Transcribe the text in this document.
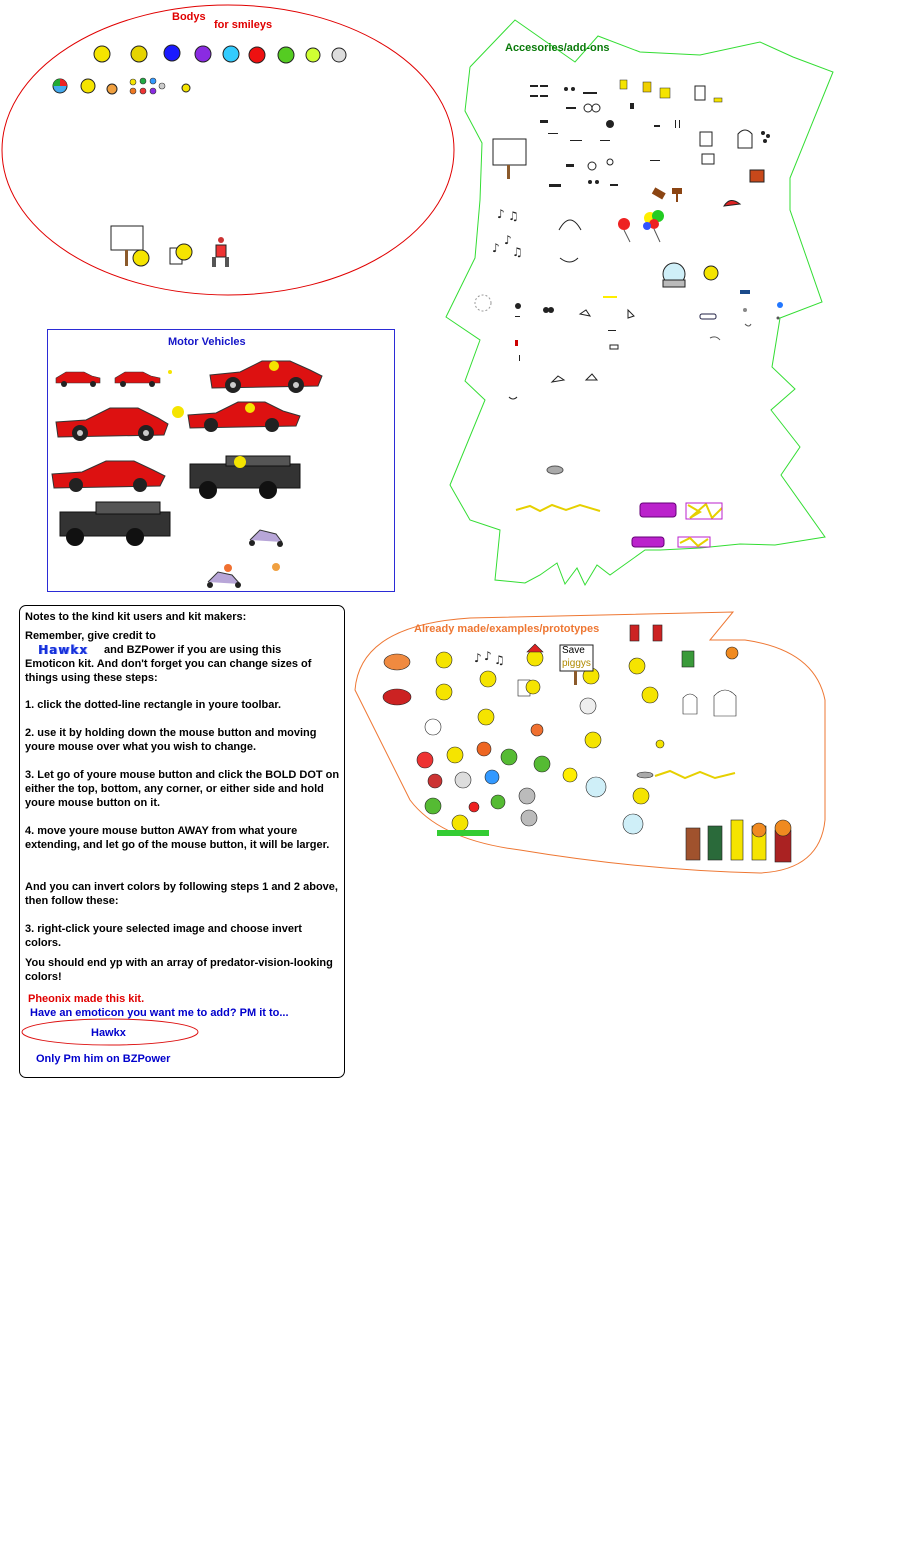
♪ ♫
♪
♪
♫
♪ ♪ ♫
Bodys
for smileys
Accesories/add-ons
Motor Vehicles
Already made/examples/prototypes
Save
piggys

Notes to the kind kit users and kit makers:

Remember, give credit to

Hawkx and BZPower if you are using this

Emoticon kit. And don't forget you can change sizes of things using these steps:

1. click the dotted-line rectangle in youre toolbar.

2. use it by holding down the mouse button and moving youre mouse over what you wish to change.

3. Let go of youre mouse button and click the BOLD DOT on either the top, bottom, any corner, or either side and hold youre mouse button on it.

4. move youre mouse button AWAY from what youre extending, and let go of the mouse button, it will be larger.

And you can invert colors by following steps 1 and 2 above, then follow these:

3. right-click youre selected image and choose invert colors.

You should end yp with an array of predator-vision-looking colors!

Pheonix made this kit.

Have an emoticon you want me to add? PM it to...

Hawkx

Only Pm him on BZPower
